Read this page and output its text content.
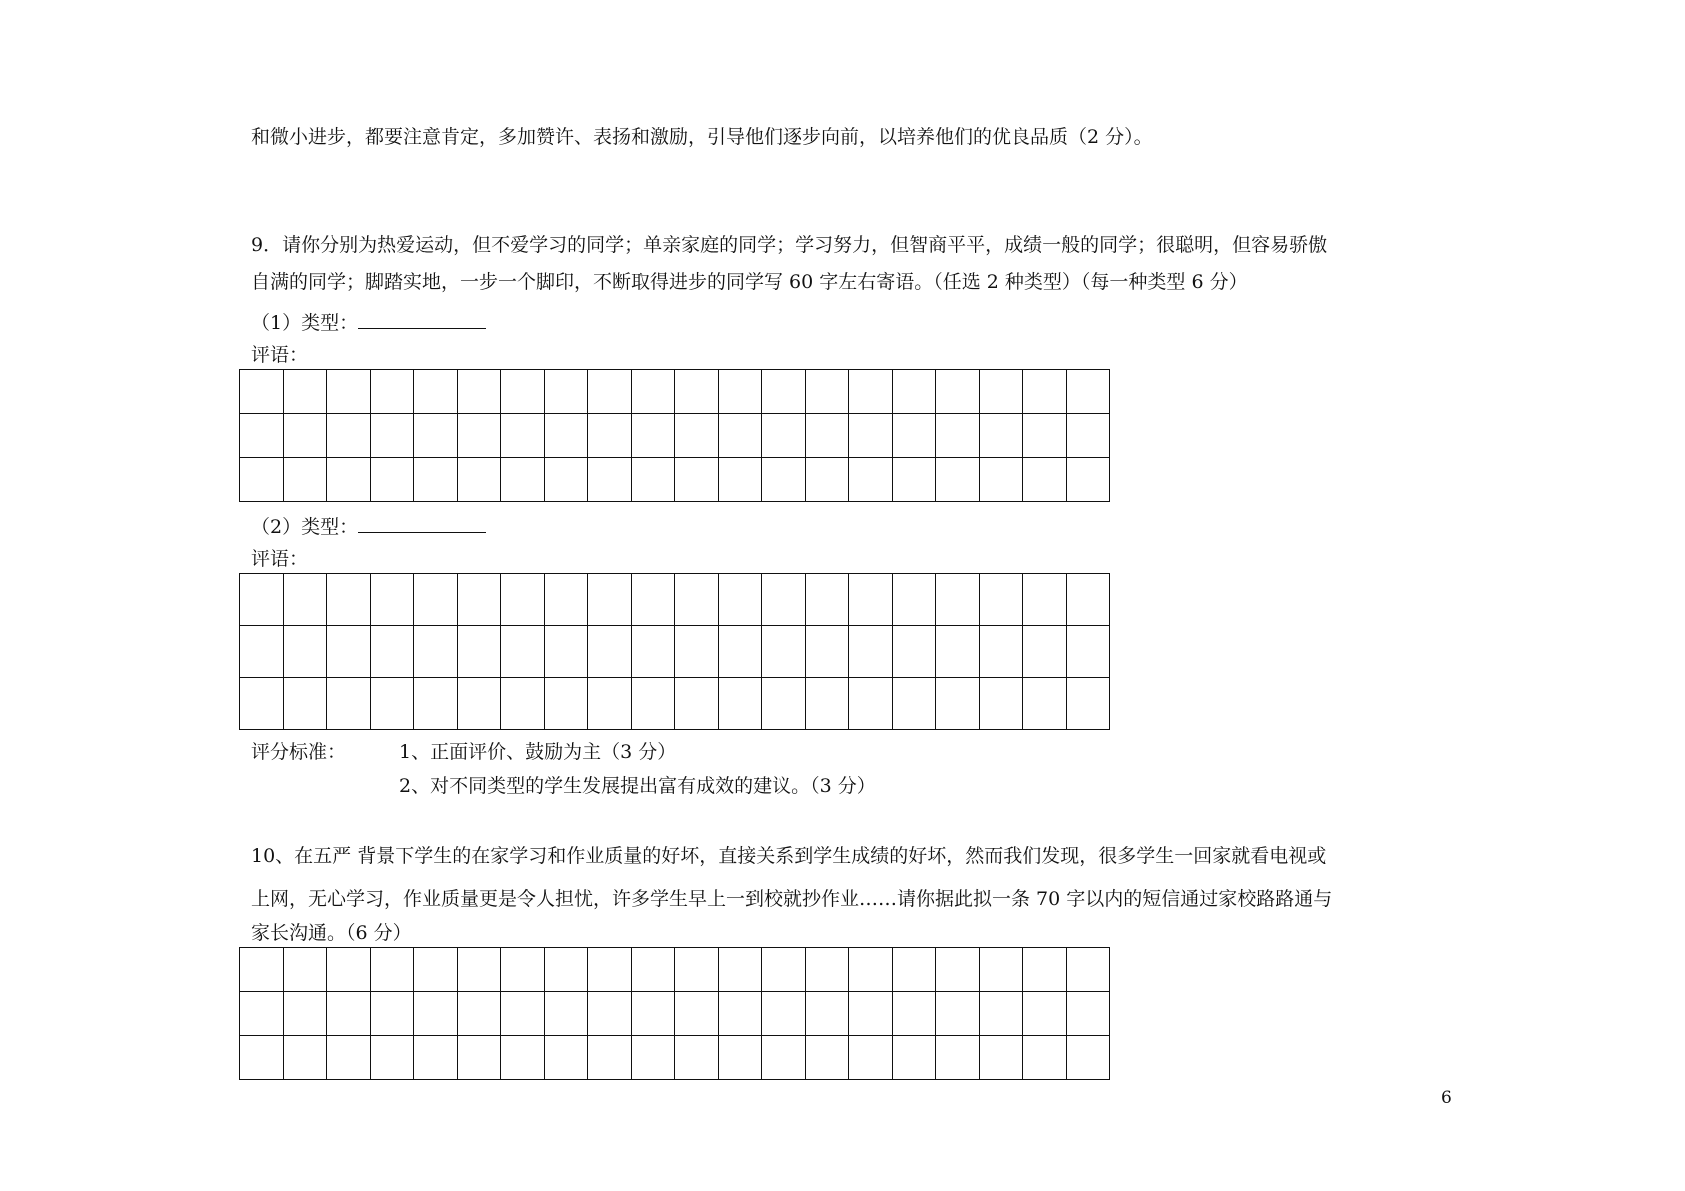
和微小进步，都要注意肯定，多加赞许、表扬和激励，引导他们逐步向前，以培养他们的优良品质（2 分）。
9．请你分别为热爱运动，但不爱学习的同学；单亲家庭的同学；学习努力，但智商平平，成绩一般的同学；很聪明，但容易骄傲
自满的同学；脚踏实地，一步一个脚印，不断取得进步的同学写 60 字左右寄语。（任选 2 种类型）（每一种类型 6 分）
（1）类型：
评语：

（2）类型：
评语：

评分标准：	1、正面评价、鼓励为主（3 分）
2、对不同类型的学生发展提出富有成效的建议。（3 分）
10、在五严 背景下学生的在家学习和作业质量的好坏，直接关系到学生成绩的好坏，然而我们发现，很多学生一回家就看电视或
上网，无心学习，作业质量更是令人担忧，许多学生早上一到校就抄作业……请你据此拟一条 70 字以内的短信通过家校路路通与
家长沟通。（6 分）

6
